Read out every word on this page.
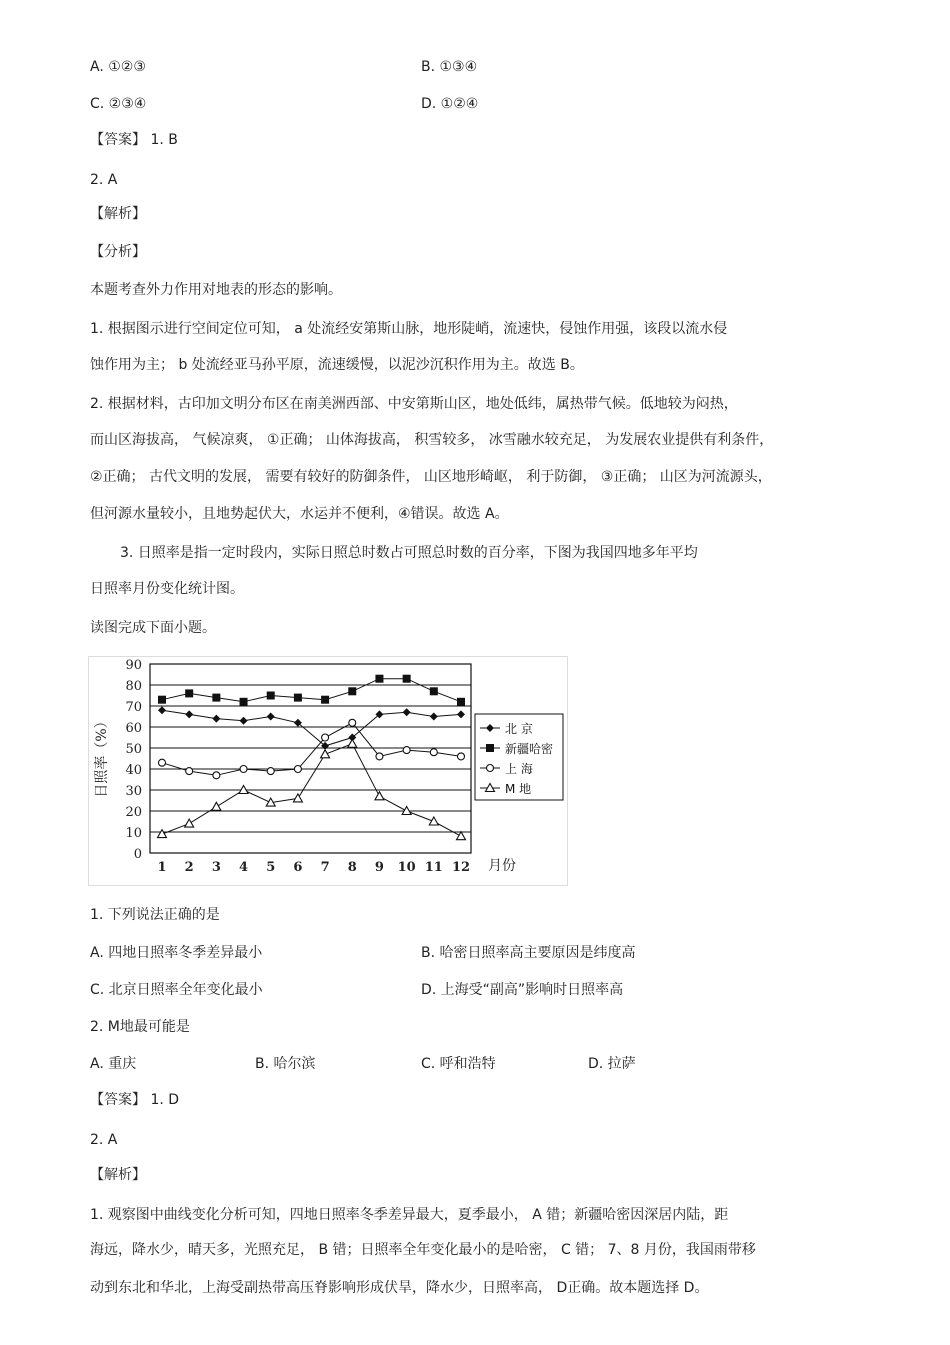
A. ①②③	B. ①③④
C. ②③④	D. ①②④
【答案】 1. B
2. A
【解析】
【分析】
本题考查外力作用对地表的形态的影响。
1. 根据图示进行空间定位可知， a 处流经安第斯山脉，地形陡峭，流速快，侵蚀作用强，该段以流水侵
蚀作用为主； b 处流经亚马孙平原，流速缓慢，以泥沙沉积作用为主。故选 B。
2. 根据材料，古印加文明分布区在南美洲西部、中安第斯山区，地处低纬，属热带气候。低地较为闷热，
而山区海拔高， 气候凉爽， ①正确； 山体海拔高， 积雪较多， 冰雪融水较充足， 为发展农业提供有利条件，
②正确； 古代文明的发展， 需要有较好的防御条件， 山区地形崎岖， 利于防御， ③正确； 山区为河流源头，
但河源水量较小，且地势起伏大，水运并不便利，④错误。故选 A。
3. 日照率是指一定时段内，实际日照总时数占可照总时数的百分率，下图为我国四地多年平均
日照率月份变化统计图。
读图完成下面小题。
0
10
20
30
40
50
60
70
80
90
1 2 3 4 5 6 7 8 9 10 11 12
北 京
新疆哈密
上 海
M 地
日照率（%）
月份
1. 下列说法正确的是
A. 四地日照率冬季差异最小	B. 哈密日照率高主要原因是纬度高
C. 北京日照率全年变化最小	D. 上海受“副高”影响时日照率高
2. M地最可能是
A. 重庆	B. 哈尔滨	C. 呼和浩特	D. 拉萨
【答案】 1. D
2. A
【解析】
1. 观察图中曲线变化分析可知，四地日照率冬季差异最大，夏季最小， A 错；新疆哈密因深居内陆，距
海远，降水少，晴天多，光照充足， B 错；日照率全年变化最小的是哈密， C 错； 7、8 月份，我国雨带移
动到东北和华北，上海受副热带高压脊影响形成伏旱，降水少，日照率高， D正确。故本题选择 D。
